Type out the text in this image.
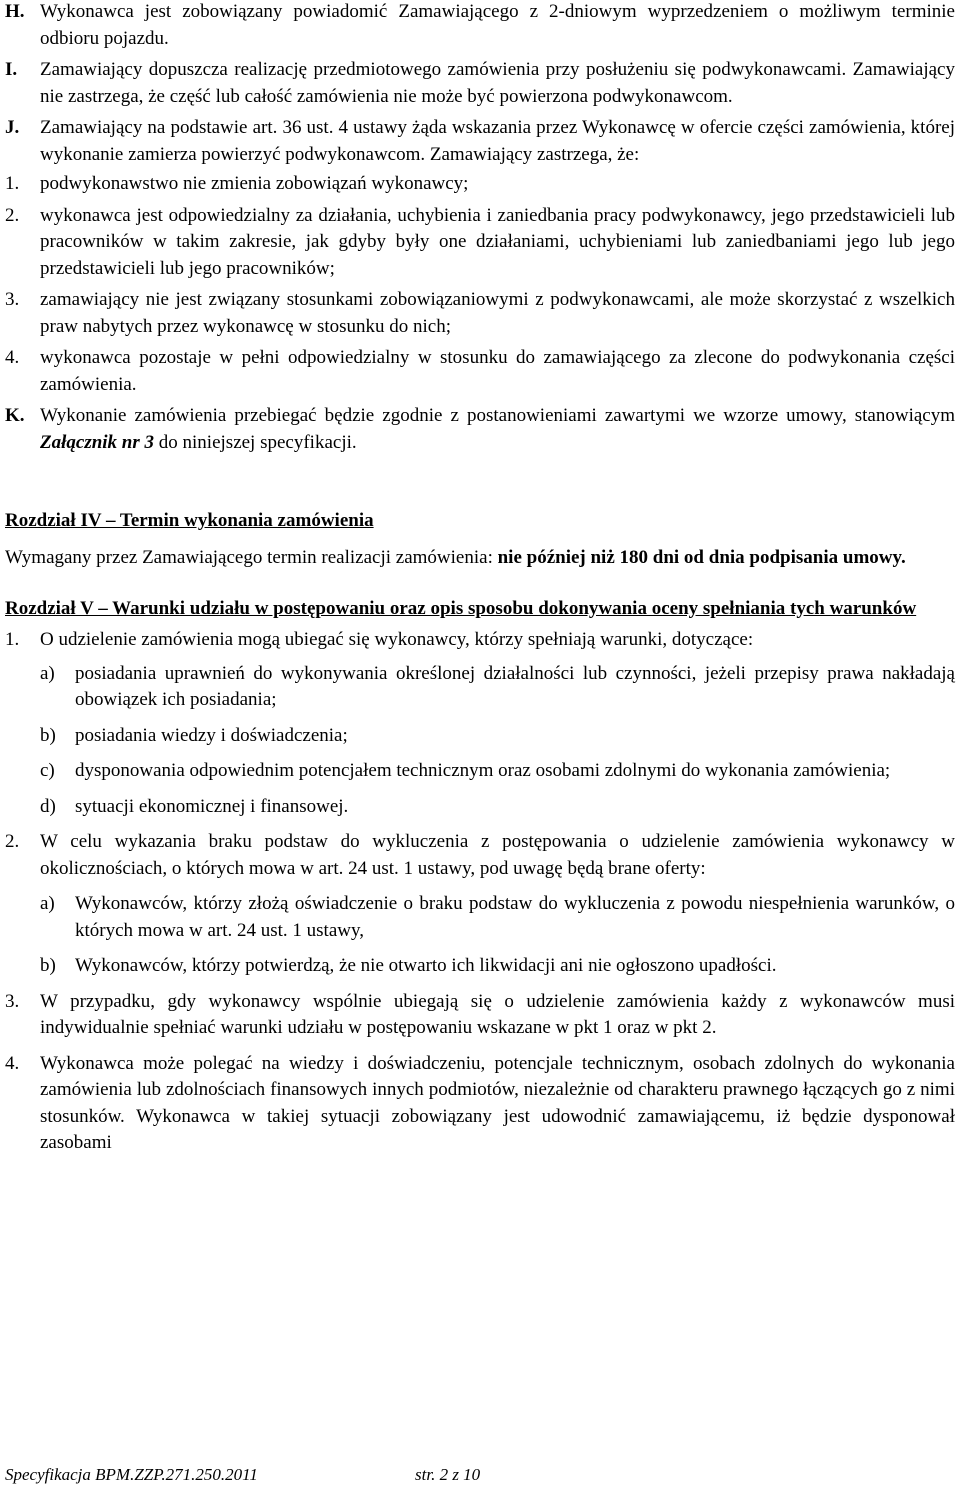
H. Wykonawca jest zobowiązany powiadomić Zamawiającego z 2-dniowym wyprzedzeniem o możliwym terminie odbioru pojazdu.

I. Zamawiający dopuszcza realizację przedmiotowego zamówienia przy posłużeniu się podwykonawcami. Zamawiający nie zastrzega, że część lub całość zamówienia nie może być powierzona podwykonawcom.

J. Zamawiający na podstawie art. 36 ust. 4 ustawy żąda wskazania przez Wykonawcę w ofercie części zamówienia, której wykonanie zamierza powierzyć podwykonawcom. Zamawiający zastrzega, że:

1. podwykonawstwo nie zmienia zobowiązań wykonawcy;

2. wykonawca jest odpowiedzialny za działania, uchybienia i zaniedbania pracy podwykonawcy, jego przedstawicieli lub pracowników w takim zakresie, jak gdyby były one działaniami, uchybieniami lub zaniedbaniami jego lub jego przedstawicieli lub jego pracowników;

3. zamawiający nie jest związany stosunkami zobowiązaniowymi z podwykonawcami, ale może skorzystać z wszelkich praw nabytych przez wykonawcę w stosunku do nich;

4. wykonawca pozostaje w pełni odpowiedzialny w stosunku do zamawiającego za zlecone do podwykonania części zamówienia.

K. Wykonanie zamówienia przebiegać będzie zgodnie z postanowieniami zawartymi we wzorze umowy, stanowiącym Załącznik nr 3 do niniejszej specyfikacji.

Rozdział IV – Termin wykonania zamówienia

Wymagany przez Zamawiającego termin realizacji zamówienia: nie później niż 180 dni od dnia podpisania umowy.

Rozdział V – Warunki udziału w postępowaniu oraz opis sposobu dokonywania oceny spełniania tych warunków

1. O udzielenie zamówienia mogą ubiegać się wykonawcy, którzy spełniają warunki, dotyczące:

a) posiadania uprawnień do wykonywania określonej działalności lub czynności, jeżeli przepisy prawa nakładają obowiązek ich posiadania;

b) posiadania wiedzy i doświadczenia;

c) dysponowania odpowiednim potencjałem technicznym oraz osobami zdolnymi do wykonania zamówienia;

d) sytuacji ekonomicznej i finansowej.

2. W celu wykazania braku podstaw do wykluczenia z postępowania o udzielenie zamówienia wykonawcy w okolicznościach, o których mowa w art. 24 ust. 1 ustawy, pod uwagę będą brane oferty:

a) Wykonawców, którzy złożą oświadczenie o braku podstaw do wykluczenia z powodu niespełnienia warunków, o których mowa w art. 24 ust. 1 ustawy,

b) Wykonawców, którzy potwierdzą, że nie otwarto ich likwidacji ani nie ogłoszono upadłości.

3. W przypadku, gdy wykonawcy wspólnie ubiegają się o udzielenie zamówienia każdy z wykonawców musi indywidualnie spełniać warunki udziału w postępowaniu wskazane w pkt 1 oraz w pkt 2.

4. Wykonawca może polegać na wiedzy i doświadczeniu, potencjale technicznym, osobach zdolnych do wykonania zamówienia lub zdolnościach finansowych innych podmiotów, niezależnie od charakteru prawnego łączących go z nimi stosunków. Wykonawca w takiej sytuacji zobowiązany jest udowodnić zamawiającemu, iż będzie dysponował zasobami

Specyfikacja BPM.ZZP.271.250.2011	str. 2 z 10
